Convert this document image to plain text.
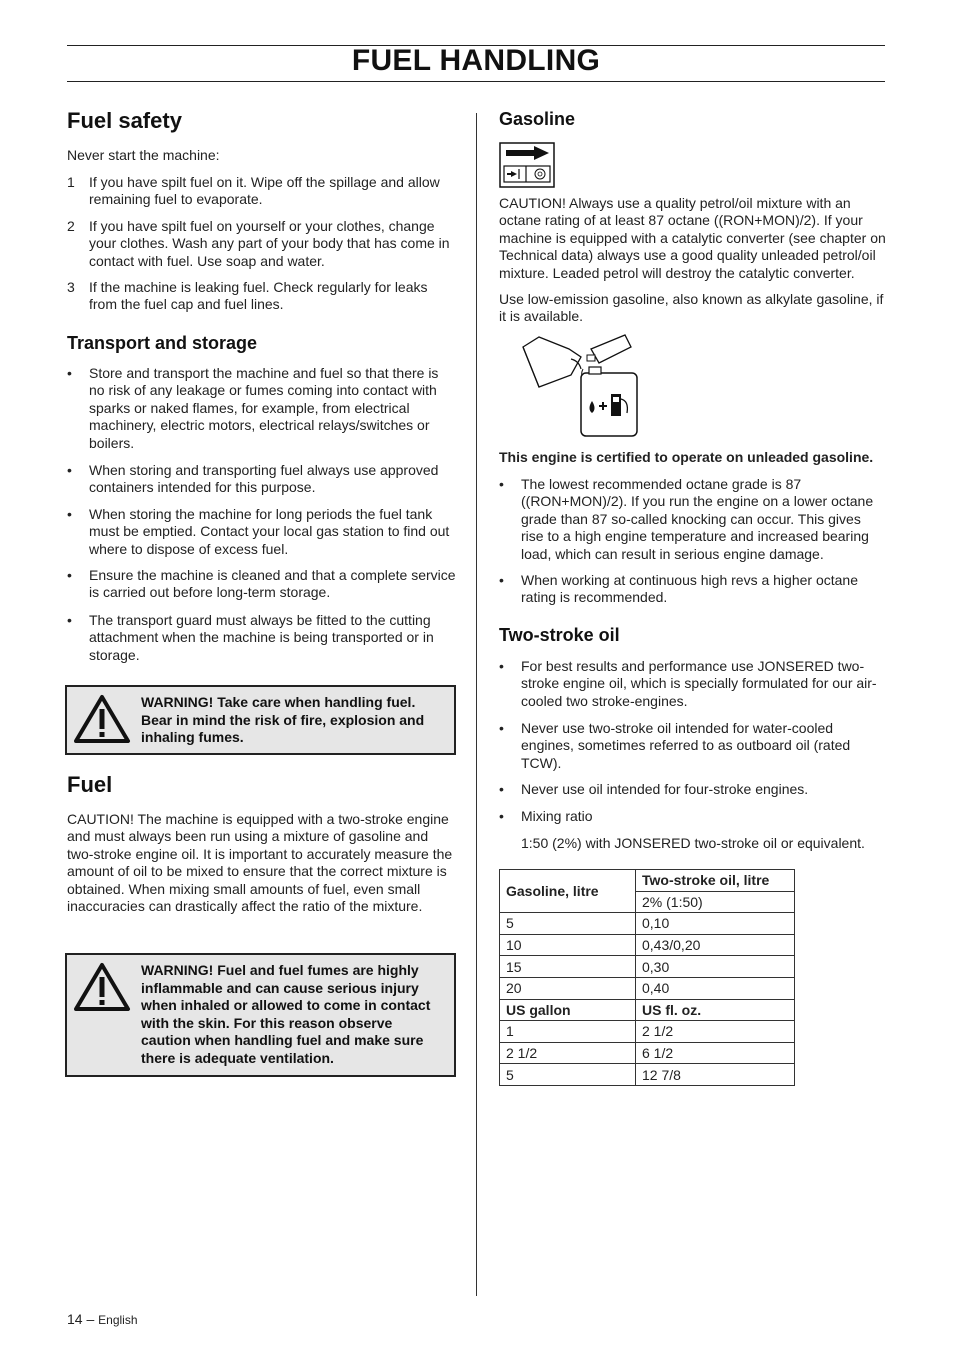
FUEL HANDLING
Fuel safety

Never start the machine:

1 If you have spilt fuel on it. Wipe off the spillage and allow remaining fuel to evaporate.
2 If you have spilt fuel on yourself or your clothes, change your clothes. Wash any part of your body that has come in contact with fuel. Use soap and water.
3 If the machine is leaking fuel. Check regularly for leaks from the fuel cap and fuel lines.
Transport and storage
• Store and transport the machine and fuel so that there is no risk of any leakage or fumes coming into contact with sparks or naked flames, for example, from electrical machinery, electric motors, electrical relays/switches or boilers.
• When storing and transporting fuel always use approved containers intended for this purpose.
• When storing the machine for long periods the fuel tank must be emptied. Contact your local gas station to find out where to dispose of excess fuel.
• Ensure the machine is cleaned and that a complete service is carried out before long-term storage.
• The transport guard must always be fitted to the cutting attachment when the machine is being transported or in storage.
WARNING! Take care when handling fuel. Bear in mind the risk of fire, explosion and inhaling fumes.
Fuel

CAUTION! The machine is equipped with a two-stroke engine and must always been run using a mixture of gasoline and two-stroke engine oil. It is important to accurately measure the amount of oil to be mixed to ensure that the correct mixture is obtained. When mixing small amounts of fuel, even small inaccuracies can drastically affect the ratio of the mixture.

WARNING! Fuel and fuel fumes are highly inflammable and can cause serious injury when inhaled or allowed to come in contact with the skin. For this reason observe caution when handling fuel and make sure there is adequate ventilation.
Gasoline

CAUTION! Always use a quality petrol/oil mixture with an octane rating of at least 87 octane ((RON+MON)/2). If your machine is equipped with a catalytic converter (see chapter on Technical data) always use a good quality unleaded petrol/oil mixture. Leaded petrol will destroy the catalytic converter.

Use low-emission gasoline, also known as alkylate gasoline, if it is available.

This engine is certified to operate on unleaded gasoline.

• The lowest recommended octane grade is 87 ((RON+MON)/2). If you run the engine on a lower octane grade than 87 so-called knocking can occur. This gives rise to a high engine temperature and increased bearing load, which can result in serious engine damage.
• When working at continuous high revs a higher octane rating is recommended.
Two-stroke oil
• For best results and performance use JONSERED two-stroke engine oil, which is specially formulated for our air-cooled two stroke-engines.
• Never use two-stroke oil intended for water-cooled engines, sometimes referred to as outboard oil (rated TCW).
• Never use oil intended for four-stroke engines.
• Mixing ratio

1:50 (2%) with JONSERED two-stroke oil or equivalent.

Gasoline, litre	Two-stroke oil, litre
	2% (1:50)
5	0,10
10	0,43/0,20
15	0,30
20	0,40
US gallon	US fl. oz.
1	2 1/2
2 1/2	6 1/2
5	12 7/8
14 – English
